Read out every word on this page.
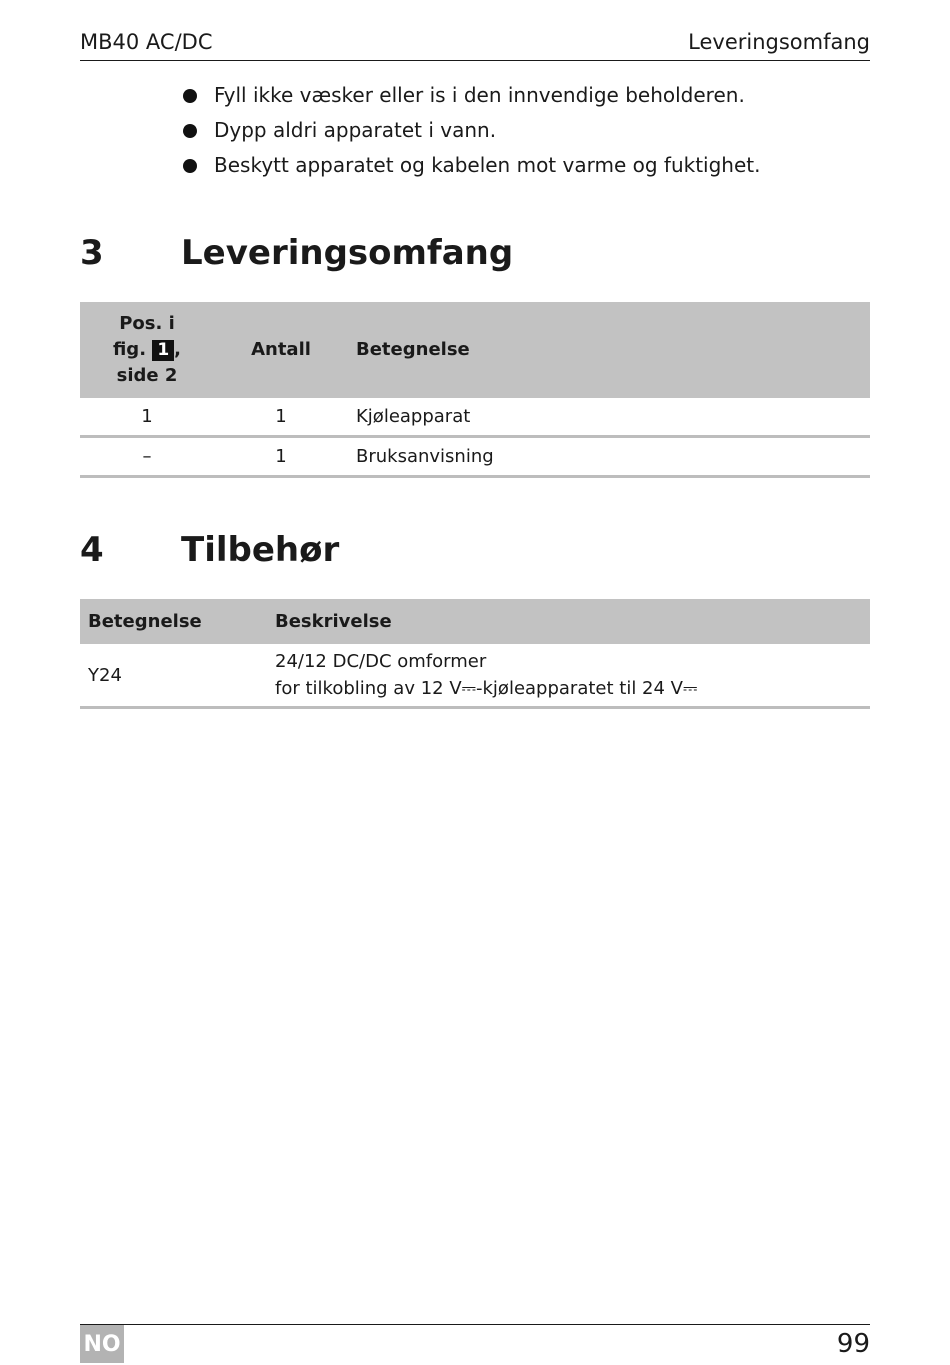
MB40 AC/DC	Leveringsomfang
Fyll ikke væsker eller is i den innvendige beholderen.
Dypp aldri apparatet i vann.
Beskytt apparatet og kabelen mot varme og fuktighet.
3 Leveringsomfang
Pos. i
fig. 1 ,
side 2	Antall	Betegnelse
1	1	Kjøleapparat
–	1	Bruksanvisning
4 Tilbehør
Betegnelse	Beskrivelse
Y24	24/12 DC/DC omformer
for tilkobling av 12 V⎓-kjøleapparatet til 24 V⎓
NO	99
